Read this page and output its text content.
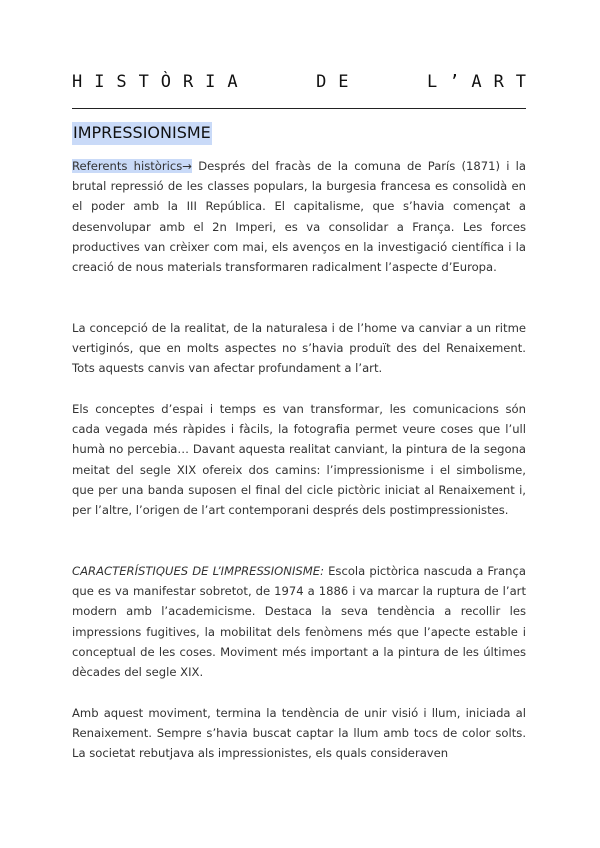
H I S T Ò R I A

	D E

	L ’ A R T
IMPRESSIONISME

Referents històrics→ Després del fracàs de la comuna de París (1871) i la brutal repressió de les classes populars, la burgesia francesa es consolidà en el poder amb la III República. El capitalisme, que s’havia començat a desenvolupar amb el 2n Imperi, es va consolidar a França. Les forces productives van crèixer com mai, els avenços en la investigació científica i la creació de nous materials transformaren radicalment l’aspecte d’Europa.

La concepció de la realitat, de la naturalesa i de l’home va canviar a un ritme vertiginós, que en molts aspectes no s’havia produït des del Renaixement. Tots aquests canvis van afectar profundament a l’art.

Els conceptes d’espai i temps es van transformar, les comunicacions són cada vegada més ràpides i fàcils, la fotografia permet veure coses que l’ull humà no percebia… Davant aquesta realitat canviant, la pintura de la segona meitat del segle XIX ofereix dos camins: l’impressionisme i el simbolisme, que per una banda suposen el final del cicle pictòric iniciat al Renaixement i, per l’altre, l’origen de l’art contemporani després dels postimpressionistes.

CARACTERÍSTIQUES DE L’IMPRESSIONISME: Escola pictòrica nascuda a França que es va manifestar sobretot, de 1974 a 1886 i va marcar la ruptura de l’art modern amb l’academicisme. Destaca la seva tendència a recollir les impressions fugitives, la mobilitat dels fenòmens més que l’apecte estable i conceptual de les coses. Moviment més important a la pintura de les últimes dècades del segle XIX.

Amb aquest moviment, termina la tendència de unir visió i llum, iniciada al Renaixement. Sempre s’havia buscat captar la llum amb tocs de color solts. La societat rebutjava als impressionistes, els quals consideraven
